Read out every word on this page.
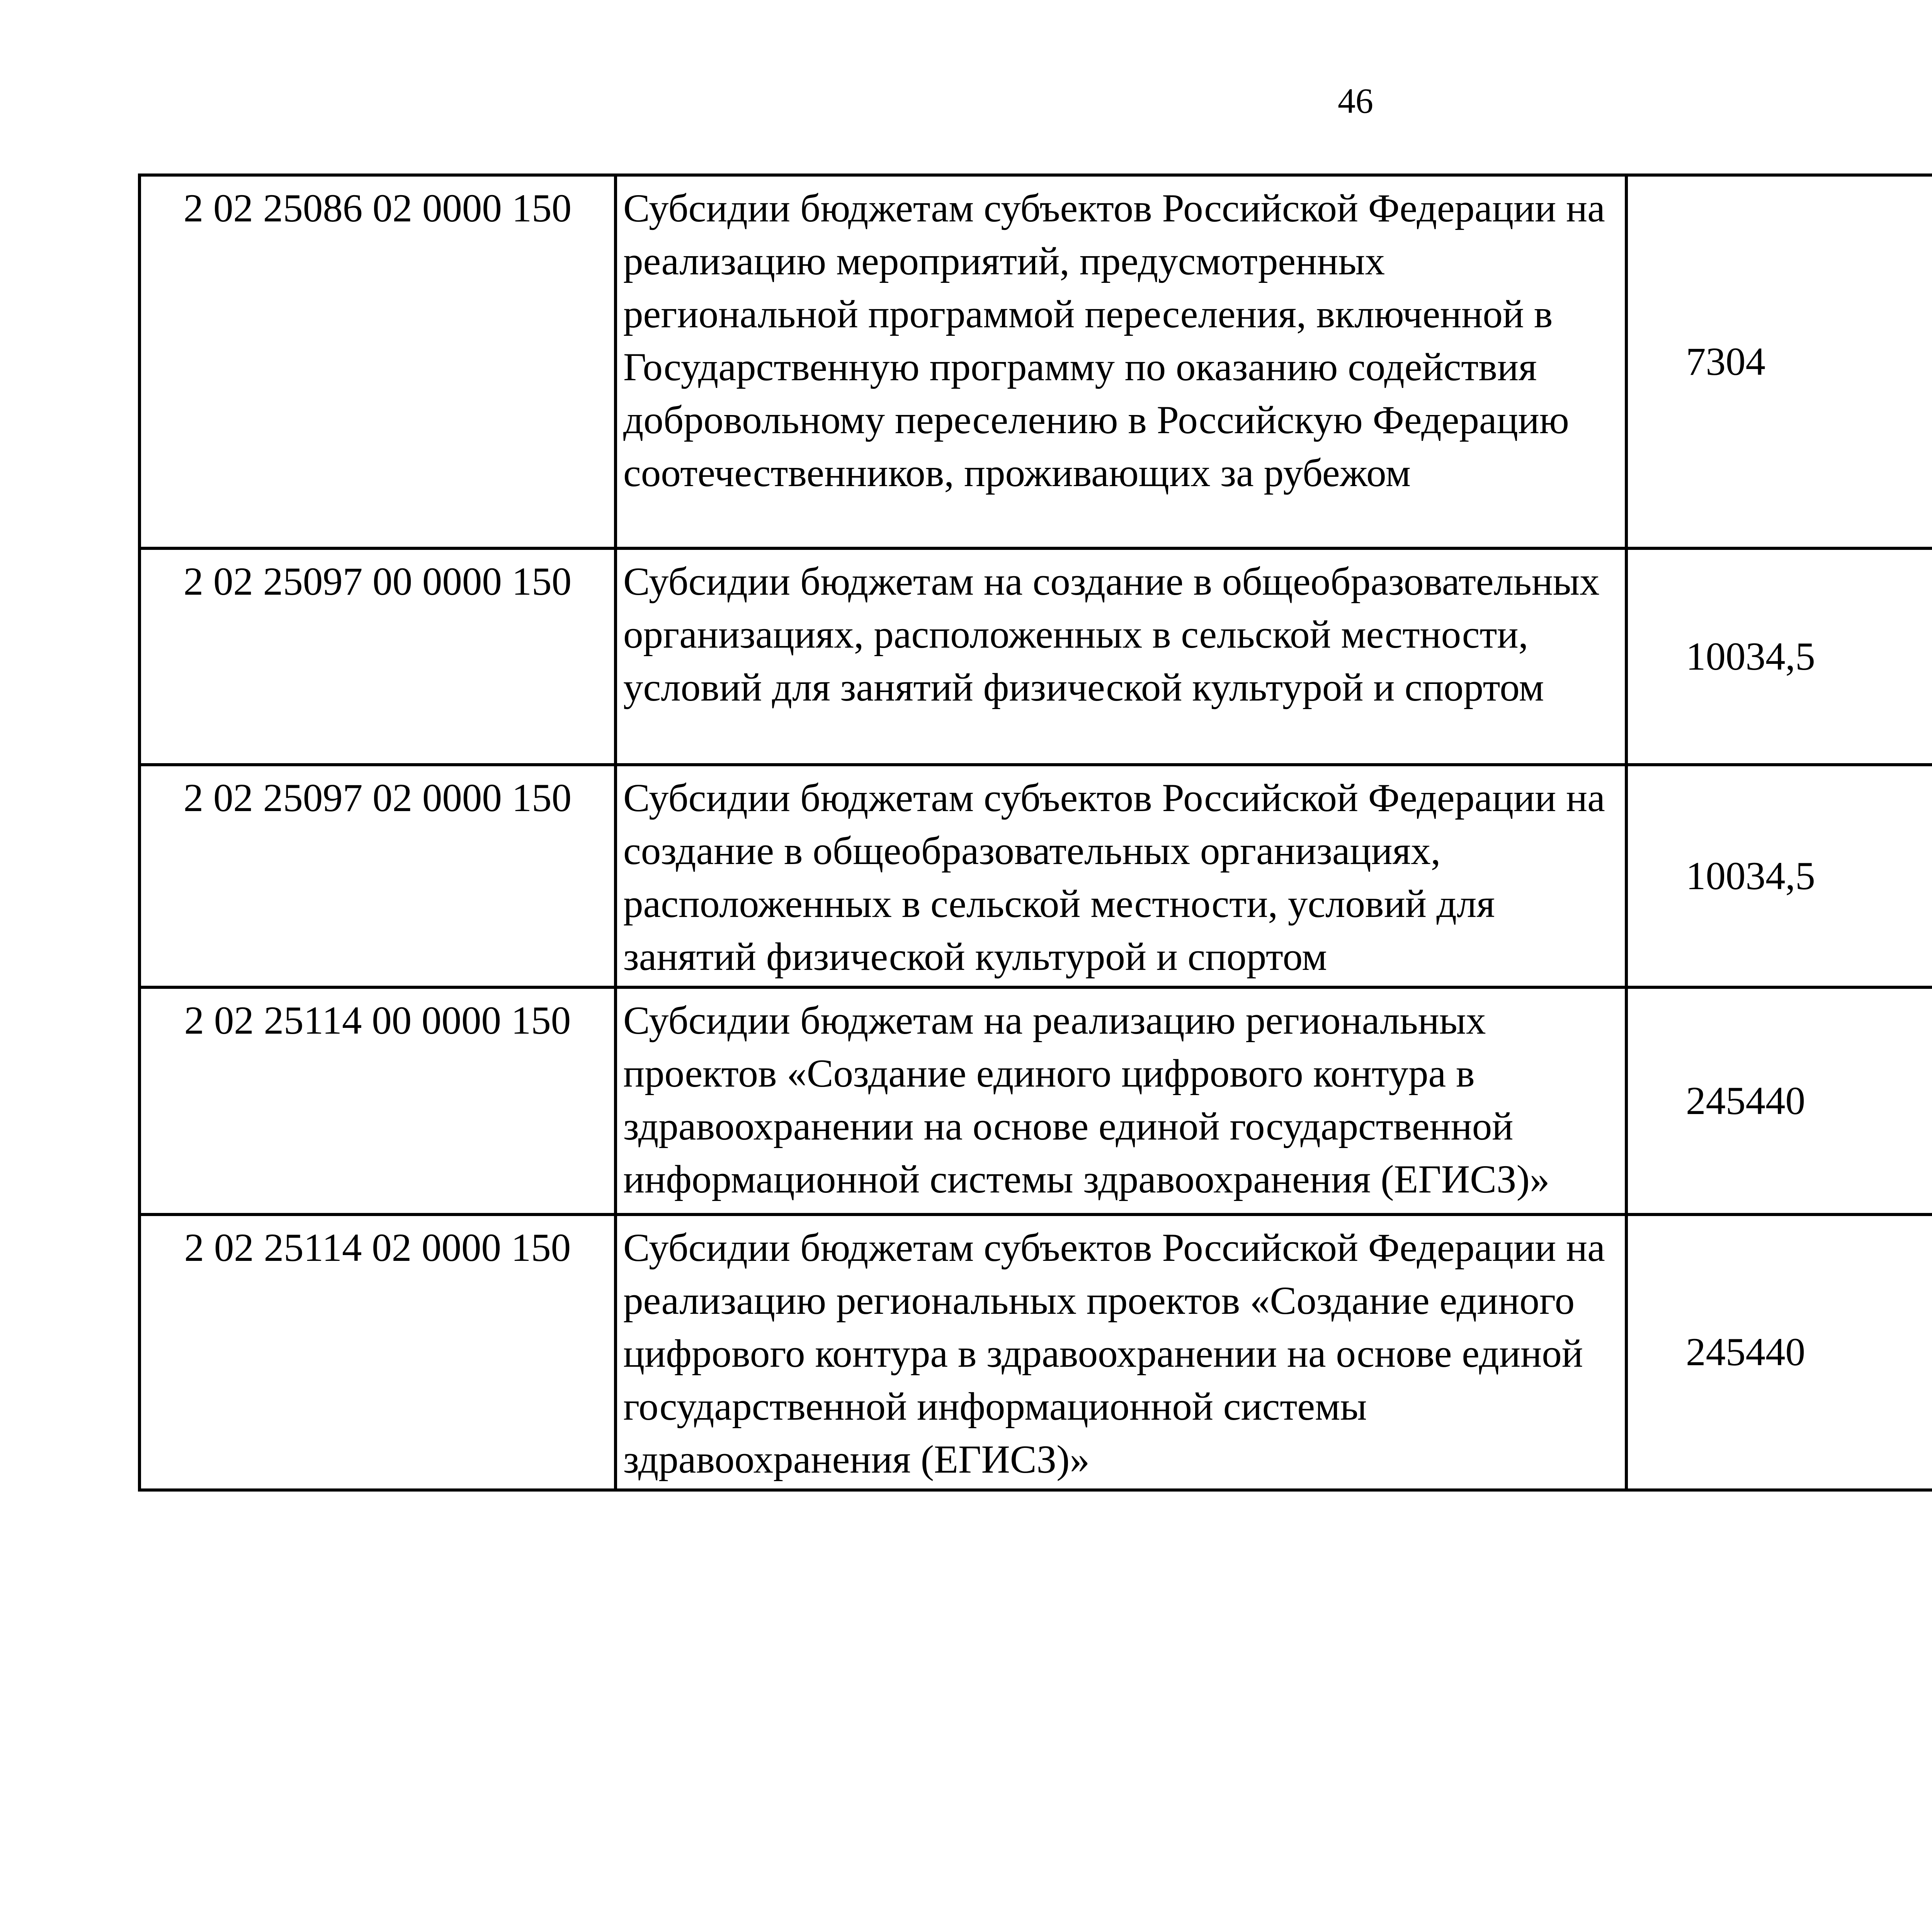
46
2 02 25086 02 0000 150	Субсидии бюджетам субъектов Российской Федерации на реализацию мероприятий, предусмотренных региональной программой переселения, включенной в Государственную программу по оказанию содействия добровольному переселению в Российскую Федерацию соотечественников, проживающих за рубежом	7304		
2 02 25097 00 0000 150	Субсидии бюджетам на создание в общеобразовательных организациях, расположенных в сельской местности, условий для занятий физической культурой и спортом	10034,5		
2 02 25097 02 0000 150	Субсидии бюджетам субъектов Российской Федерации на создание в общеобразовательных организациях, расположенных в сельской местности, условий для занятий физической культурой и спортом	10034,5		
2 02 25114 00 0000 150	Субсидии бюджетам на реализацию региональных проектов «Создание единого цифрового контура в здравоохранении на основе единой государственной информационной системы здравоохранения (ЕГИСЗ)»	245440		
2 02 25114 02 0000 150	Субсидии бюджетам субъектов Российской Федерации на реализацию региональных проектов «Создание единого цифрового контура в здравоохранении на основе единой государственной информационной системы здравоохранения (ЕГИСЗ)»	245440		
